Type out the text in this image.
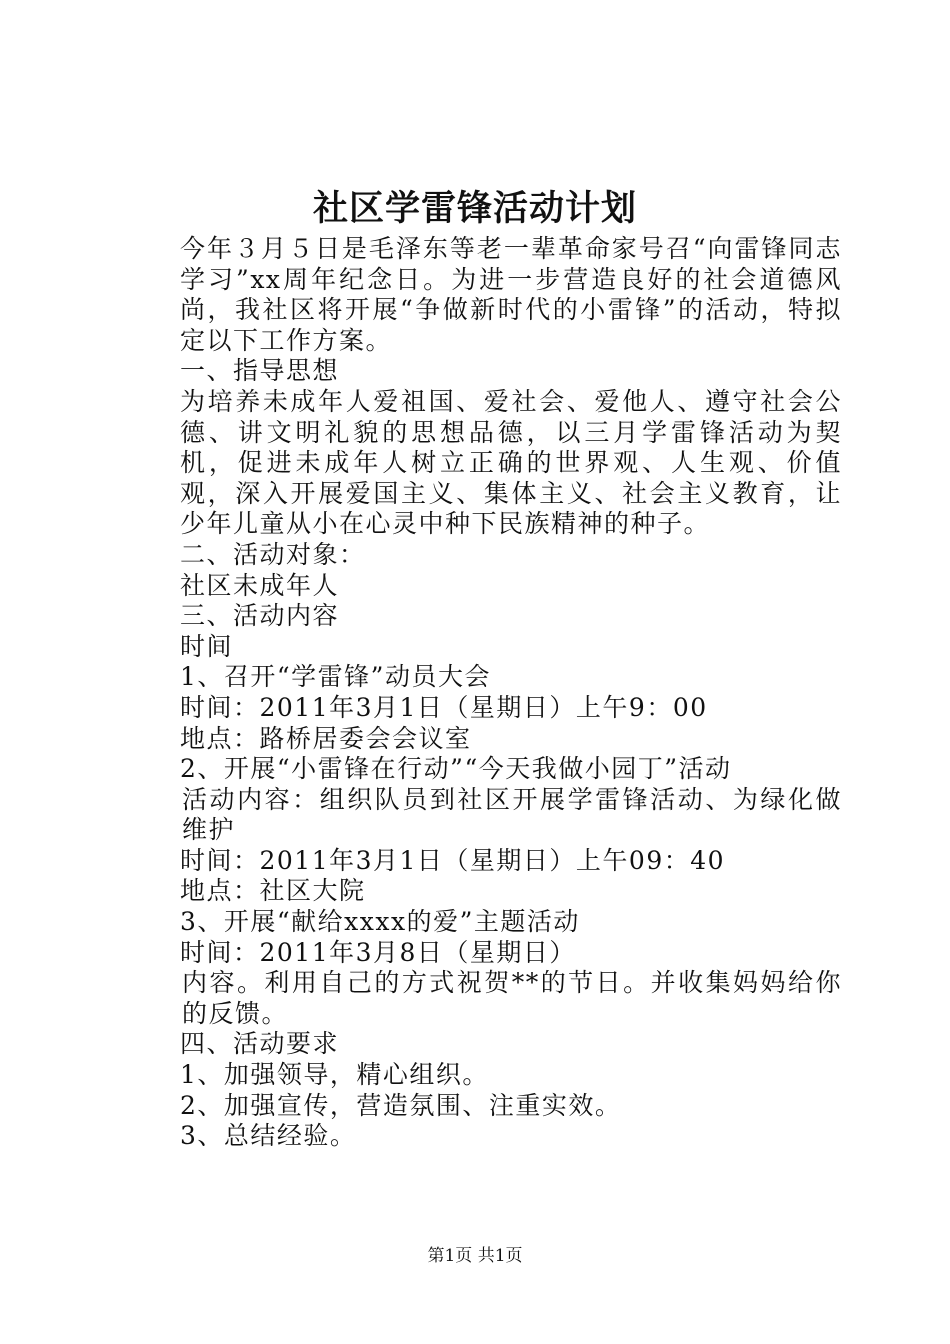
社区学雷锋活动计划

今年３月５日是毛泽东等老一辈革命家号召“向雷锋同志学习”xx周年纪念日。为进一步营造良好的社会道德风尚，我社区将开展“争做新时代的小雷锋”的活动，特拟定以下工作方案。

一、指导思想

为培养未成年人爱祖国、爱社会、爱他人、遵守社会公德、讲文明礼貌的思想品德，以三月学雷锋活动为契机，促进未成年人树立正确的世界观、人生观、价值观，深入开展爱国主义、集体主义、社会主义教育，让少年儿童从小在心灵中种下民族精神的种子。

二、活动对象：

社区未成年人

三、活动内容

时间

1、召开“学雷锋”动员大会

时间：2011年3月1日（星期日）上午9：00

地点：路桥居委会会议室

2、开展“小雷锋在行动”“今天我做小园丁”活动

活动内容：组织队员到社区开展学雷锋活动、为绿化做维护

时间：2011年3月1日（星期日）上午09：40

地点：社区大院

3、开展“献给xxxx的爱”主题活动

时间：2011年3月8日（星期日）

内容。利用自己的方式祝贺**的节日。并收集妈妈给你的反馈。

四、活动要求

1、加强领导，精心组织。

2、加强宣传，营造氛围、注重实效。

3、总结经验。

第1页 共1页
